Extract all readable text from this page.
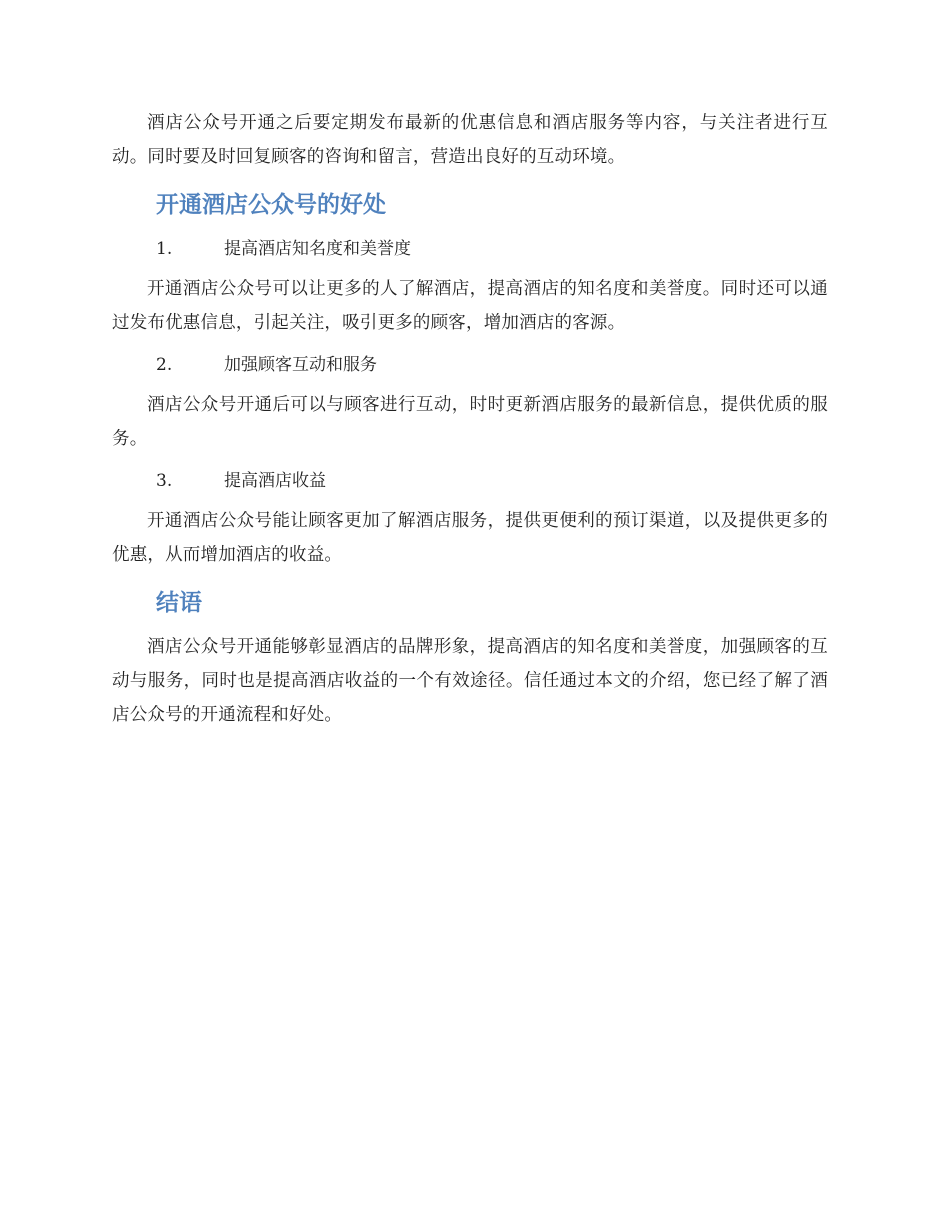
酒店公众号开通之后要定期发布最新的优惠信息和酒店服务等内容，与关注者进行互动。同时要及时回复顾客的咨询和留言，营造出良好的互动环境。

开通酒店公众号的好处
1.	提高酒店知名度和美誉度

开通酒店公众号可以让更多的人了解酒店，提高酒店的知名度和美誉度。同时还可以通过发布优惠信息，引起关注，吸引更多的顾客，增加酒店的客源。

2.	加强顾客互动和服务

酒店公众号开通后可以与顾客进行互动，时时更新酒店服务的最新信息，提供优质的服务。

3.	提高酒店收益

开通酒店公众号能让顾客更加了解酒店服务，提供更便利的预订渠道，以及提供更多的优惠，从而增加酒店的收益。

结语

酒店公众号开通能够彰显酒店的品牌形象，提高酒店的知名度和美誉度，加强顾客的互动与服务，同时也是提高酒店收益的一个有效途径。信任通过本文的介绍，您已经了解了酒店公众号的开通流程和好处。
